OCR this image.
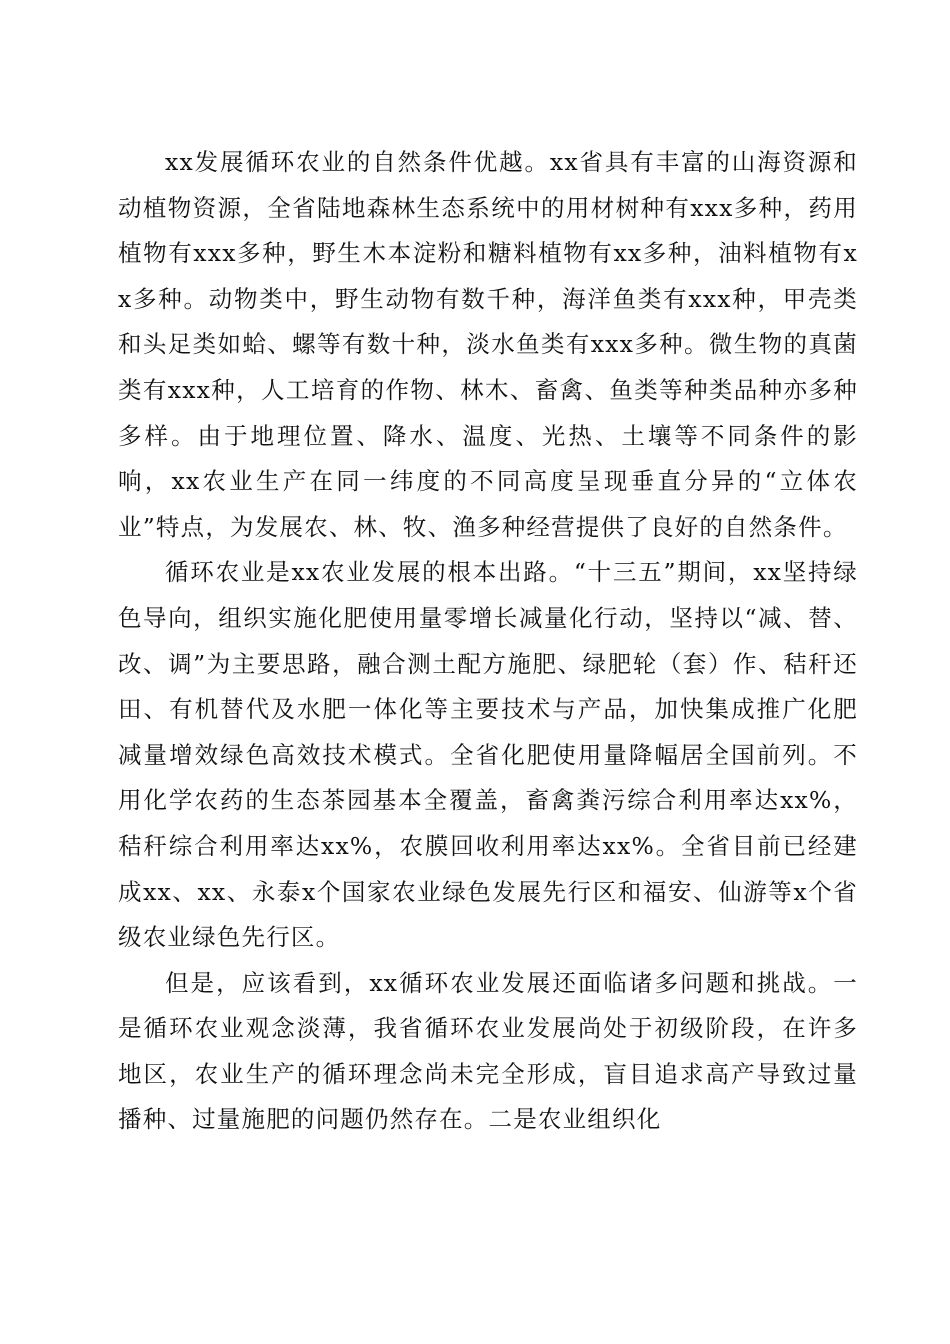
xx发展循环农业的自然条件优越。xx省具有丰富的山海资源和动植物资源，全省陆地森林生态系统中的用材树种有xxx多种，药用植物有xxx多种，野生木本淀粉和糖料植物有xx多种，油料植物有xx多种。动物类中，野生动物有数千种，海洋鱼类有xxx种，甲壳类和头足类如蛤、螺等有数十种，淡水鱼类有xxx多种。微生物的真菌类有xxx种，人工培育的作物、林木、畜禽、鱼类等种类品种亦多种多样。由于地理位置、降水、温度、光热、土壤等不同条件的影响，xx农业生产在同一纬度的不同高度呈现垂直分异的“立体农业”特点，为发展农、林、牧、渔多种经营提供了良好的自然条件。

循环农业是xx农业发展的根本出路。“十三五”期间，xx坚持绿色导向，组织实施化肥使用量零增长减量化行动，坚持以“减、替、改、调”为主要思路，融合测土配方施肥、绿肥轮（套）作、秸秆还田、有机替代及水肥一体化等主要技术与产品，加快集成推广化肥减量增效绿色高效技术模式。全省化肥使用量降幅居全国前列。不用化学农药的生态茶园基本全覆盖，畜禽粪污综合利用率达xx%，秸秆综合利用率达xx%，农膜回收利用率达xx%。全省目前已经建成xx、xx、永泰x个国家农业绿色发展先行区和福安、仙游等x个省级农业绿色先行区。

但是，应该看到，xx循环农业发展还面临诸多问题和挑战。一是循环农业观念淡薄，我省循环农业发展尚处于初级阶段，在许多地区，农业生产的循环理念尚未完全形成，盲目追求高产导致过量播种、过量施肥的问题仍然存在。二是农业组织化
